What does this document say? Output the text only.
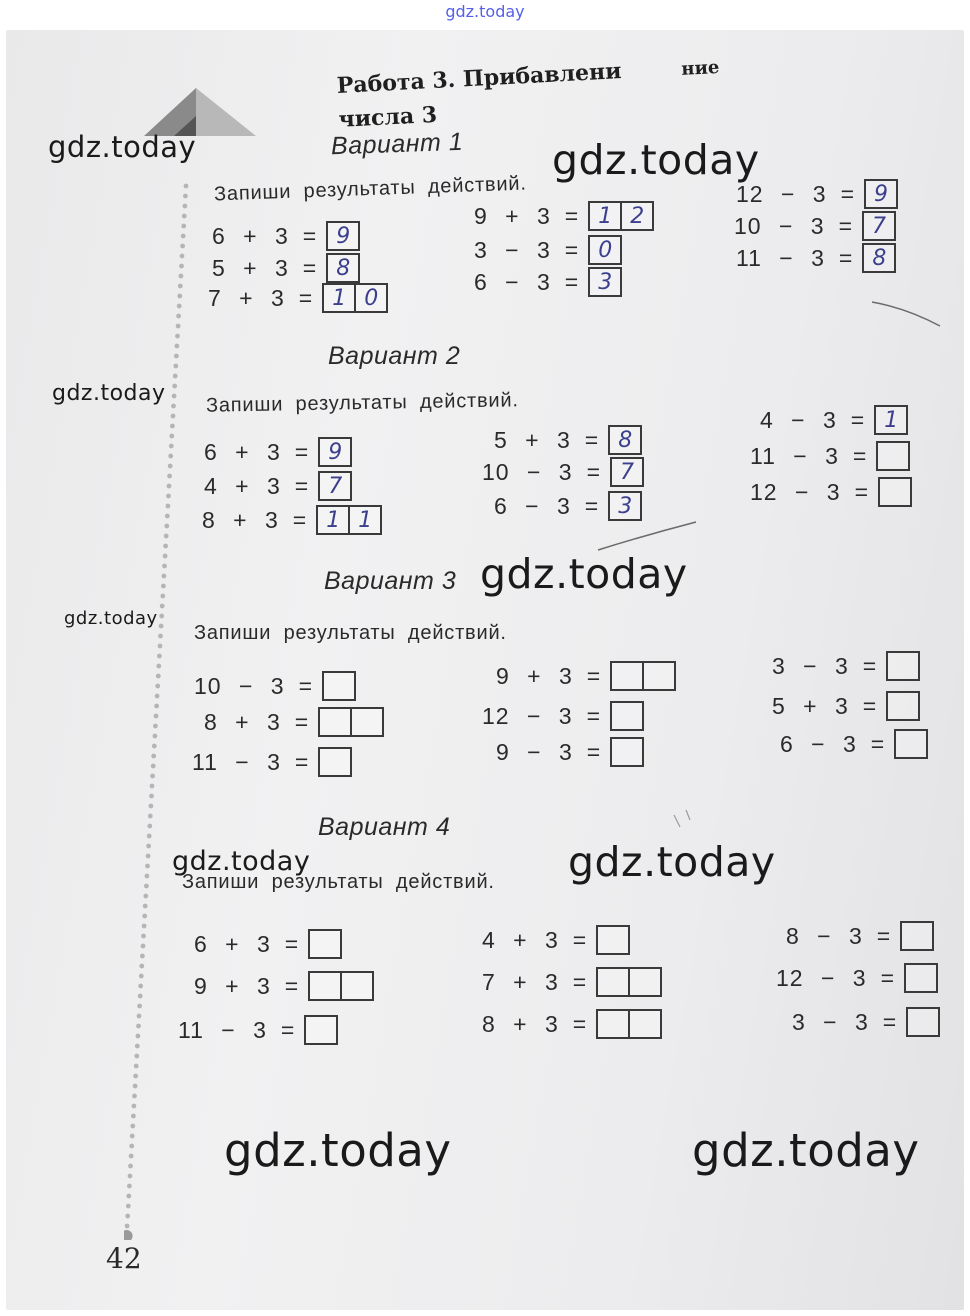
gdz.today
Работа 3. Прибавлени	ние
числа 3
Вариант 1
Запиши результаты действий.
Вариант 2
Запиши результаты действий.
Вариант 3
Запиши результаты действий.
Вариант 4
Запиши результаты действий.
6 + 3 = 9
5 + 3 = 8
7 + 3 = 1 0
9 + 3 = 1 2
3 − 3 = 0
6 − 3 = 3
12 − 3 = 9
10 − 3 = 7
11 − 3 = 8
6 + 3 = 9
4 + 3 = 7
8 + 3 = 1 1
5 + 3 = 8
10 − 3 = 7
6 − 3 = 3
4 − 3 = 1
11 − 3 =
12 − 3 =
10 − 3 =
8 + 3 =
11 − 3 =
9 + 3 =
12 − 3 =
9 − 3 =
3 − 3 =
5 + 3 =
6 − 3 =
6 + 3 =
9 + 3 =
11 − 3 =
4 + 3 =
7 + 3 =
8 + 3 =
8 − 3 =
12 − 3 =
3 − 3 =
42
gdz.today	gdz.today
gdz.today
gdz.today
gdz.today
gdz.today	gdz.today
gdz.today	gdz.today
